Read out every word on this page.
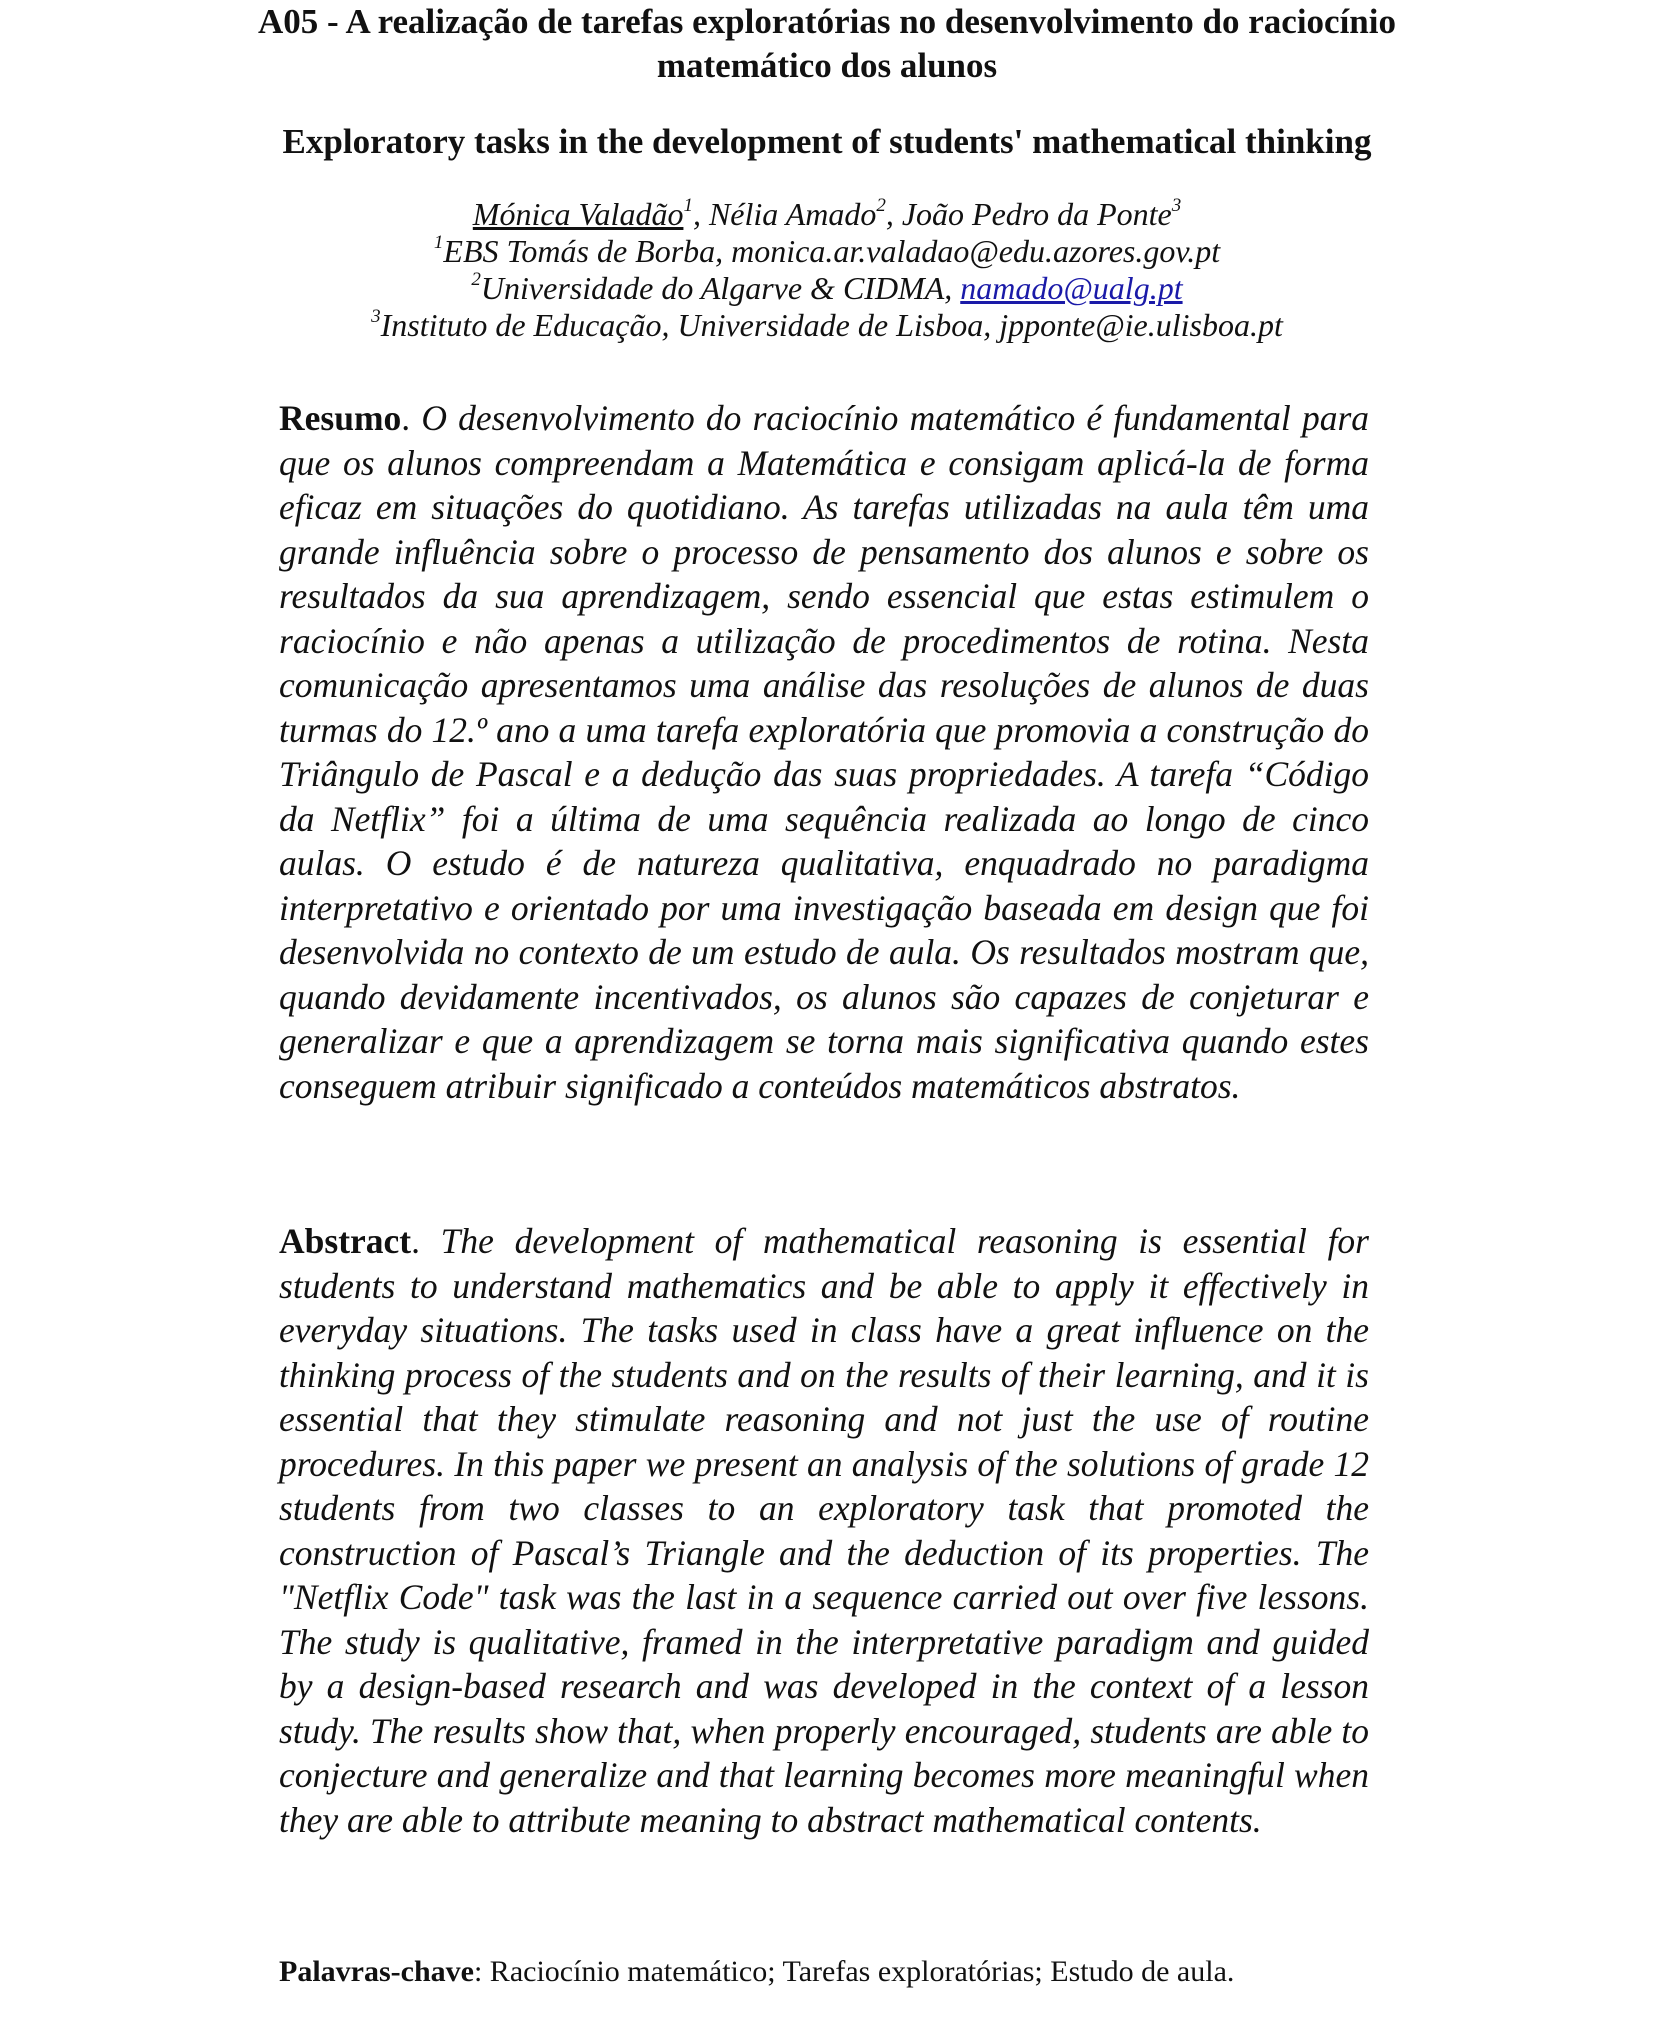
A05 - A realização de tarefas exploratórias no desenvolvimento do raciocínio matemático dos alunos
Exploratory tasks in the development of students' mathematical thinking
Mónica Valadão$^1$, Nélia Amado$^2$, João Pedro da Ponte$^3$
$^1$EBS Tomás de Borba, monica.ar.valadao@edu.azores.gov.pt
$^2$Universidade do Algarve & CIDMA, namado@ualg.pt
$^3$Instituto de Educação, Universidade de Lisboa, jpponte@ie.ulisboa.pt

Resumo. O desenvolvimento do raciocínio matemático é fundamental para que os alunos compreendam a Matemática e consigam aplicá-la de forma eficaz em situações do quotidiano. As tarefas utilizadas na aula têm uma grande influência sobre o processo de pensamento dos alunos e sobre os resultados da sua aprendizagem, sendo essencial que estas estimulem o raciocínio e não apenas a utilização de procedimentos de rotina. Nesta comunicação apresentamos uma análise das resoluções de alunos de duas turmas do 12.º ano a uma tarefa exploratória que promovia a construção do Triângulo de Pascal e a dedução das suas propriedades. A tarefa “Código da Netflix” foi a última de uma sequência realizada ao longo de cinco aulas. O estudo é de natureza qualitativa, enquadrado no paradigma interpretativo e orientado por uma investigação baseada em design que foi desenvolvida no contexto de um estudo de aula. Os resultados mostram que, quando devidamente incentivados, os alunos são capazes de conjeturar e generalizar e que a aprendizagem se torna mais significativa quando estes conseguem atribuir significado a conteúdos matemáticos abstratos.

Abstract. The development of mathematical reasoning is essential for students to understand mathematics and be able to apply it effectively in everyday situations. The tasks used in class have a great influence on the thinking process of the students and on the results of their learning, and it is essential that they stimulate reasoning and not just the use of routine procedures. In this paper we present an analysis of the solutions of grade 12 students from two classes to an exploratory task that promoted the construction of Pascal’s Triangle and the deduction of its properties. The "Netflix Code" task was the last in a sequence carried out over five lessons. The study is qualitative, framed in the interpretative paradigm and guided by a design-based research and was developed in the context of a lesson study. The results show that, when properly encouraged, students are able to conjecture and generalize and that learning becomes more meaningful when they are able to attribute meaning to abstract mathematical contents.

Palavras-chave: Raciocínio matemático; Tarefas exploratórias; Estudo de aula.
